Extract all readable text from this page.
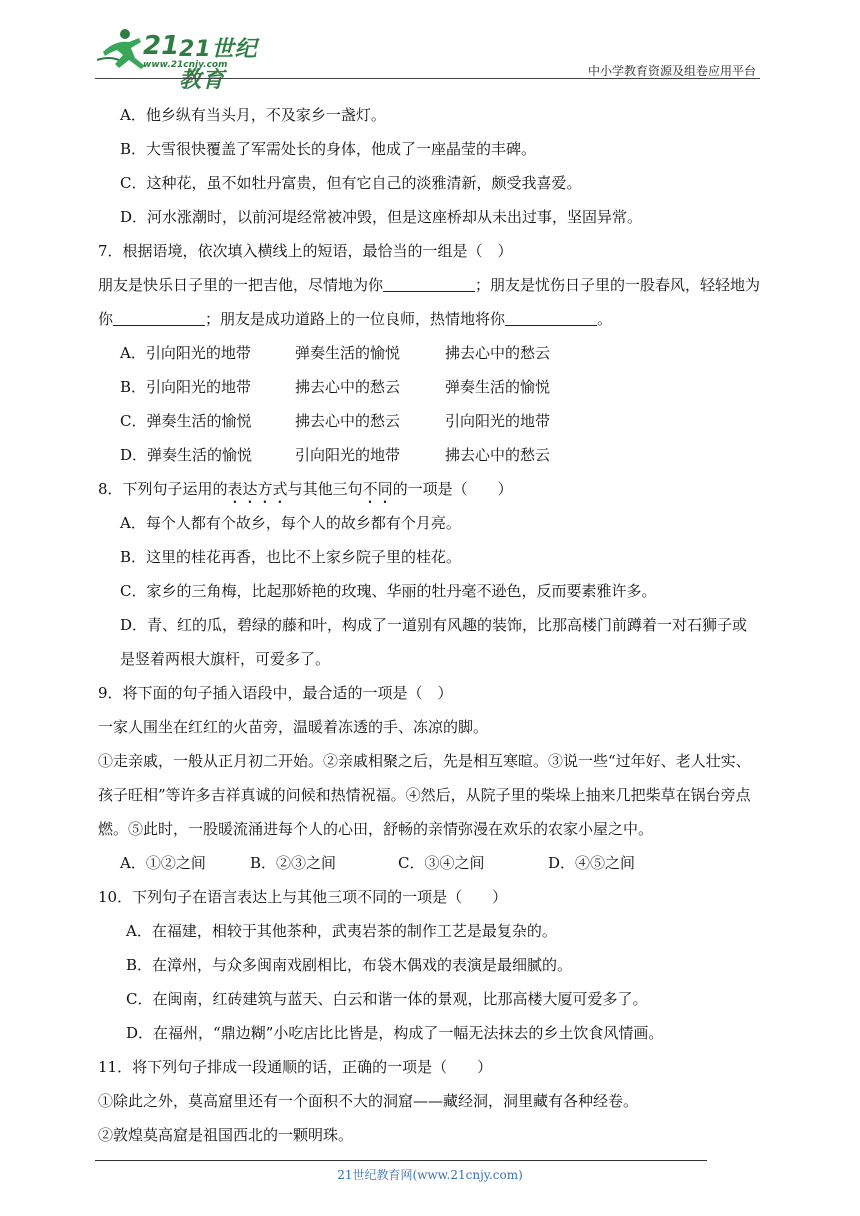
21 21世纪教育
www.21cnjy.com	中小学教育资源及组卷应用平台
A．他乡纵有当头月，不及家乡一盏灯。
B．大雪很快覆盖了军需处长的身体，他成了一座晶莹的丰碑。
C．这种花，虽不如牡丹富贵，但有它自己的淡雅清新，颇受我喜爱。
D．河水涨潮时，以前河堤经常被冲毁，但是这座桥却从未出过事，坚固异常。
7．根据语境，依次填入横线上的短语，最恰当的一组是（　）
朋友是快乐日子里的一把吉他，尽情地为你	；朋友是忧伤日子里的一股春风，轻轻地为
你	；朋友是成功道路上的一位良师，热情地将你	。
A．引向阳光的地带	弹奏生活的愉悦	拂去心中的愁云
B．引向阳光的地带	拂去心中的愁云	弹奏生活的愉悦
C．弹奏生活的愉悦	拂去心中的愁云	引向阳光的地带
D．弹奏生活的愉悦	引向阳光的地带	拂去心中的愁云
8．下列句子运用的表达方式与其他三句不同的一项是（　　）
A．每个人都有个故乡，每个人的故乡都有个月亮。
B．这里的桂花再香，也比不上家乡院子里的桂花。
C．家乡的三角梅，比起那娇艳的玫瑰、华丽的牡丹毫不逊色，反而要素雅许多。
D．青、红的瓜，碧绿的藤和叶，构成了一道别有风趣的装饰，比那高楼门前蹲着一对石狮子或
是竖着两根大旗杆，可爱多了。
9．将下面的句子插入语段中，最合适的一项是（　）
一家人围坐在红红的火苗旁，温暖着冻透的手、冻凉的脚。
①走亲戚，一般从正月初二开始。②亲戚相聚之后，先是相互寒暄。③说一些“过年好、老人壮实、
孩子旺相”等许多吉祥真诚的问候和热情祝福。④然后，从院子里的柴垛上抽来几把柴草在锅台旁点
燃。⑤此时，一股暖流涌进每个人的心田，舒畅的亲情弥漫在欢乐的农家小屋之中。
A．①②之间	B．②③之间	C．③④之间	D．④⑤之间
10．下列句子在语言表达上与其他三项不同的一项是（　　）
A．在福建，相较于其他茶种，武夷岩茶的制作工艺是最复杂的。
B．在漳州，与众多闽南戏剧相比，布袋木偶戏的表演是最细腻的。
C．在闽南，红砖建筑与蓝天、白云和谐一体的景观，比那高楼大厦可爱多了。
D．在福州，“鼎边糊”小吃店比比皆是，构成了一幅无法抹去的乡土饮食风情画。
11．将下列句子排成一段通顺的话，正确的一项是（　　）
①除此之外，莫高窟里还有一个面积不大的洞窟——藏经洞，洞里藏有各种经卷。
②敦煌莫高窟是祖国西北的一颗明珠。
21世纪教育网(www.21cnjy.com)
